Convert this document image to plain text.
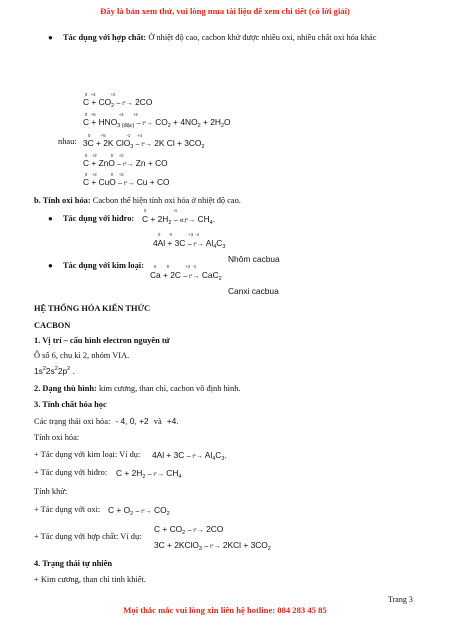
Đây là bản xem thử, vui lòng mua tài liệu để xem chi tiết (có lời giải)
Mọi thắc mắc vui lòng xin liên hệ hotline: 084 283 45 85
Trang 3
● Tác dụng với hợp chất: Ở nhiệt độ cao, cacbon khử được nhiều oxi, nhiều chất oxi hóa khác
0   +4             +2
$C + CO_2 - t^\circ\to 2CO$
0   +5                    +4        +4
$C + HNO_{3 (đặc)} - t^\circ\to CO_2 + 4NO_2 + 2H_2O$
nhau:
0         +5                  -1      +4
3C + 2K ClO$_3$ – t°→ 2K $Cl + 3CO_2$
0    +2            0     +2
C + ZnO – t°→ Zn + CO
0    +2            0     +2
C + CuO – t°→ Cu + CO
b. Tính oxi hóa: Cacbon thể hiện tính oxi hóa ở nhiệt độ cao.
● Tác dụng với hiđro:
0                       -4
$C + 2H_2 - xt,t^\circ\to CH_4$.
0        0              +3  -4
$4Al + 3C - t^\circ\to Al_4C_3$
Nhôm cacbua
● Tác dụng với kim loại: 0         0              +2  -1
Ca + 2C – t°→ CaC$_2$
Canxi cacbua
HỆ THỐNG HÓA KIẾN THỨC
CACBON
1. Vị trí – cấu hình electron nguyên tử
Ô số 6, chu kì 2, nhóm VIA.
$1s^22s^22p^2$ .
2. Dạng thù hình: kim cương, than chì, cacbon vô định hình.
3. Tính chất hóa học
Các trạng thái oxi hóa: - 4, 0, +2 và +4.
Tính oxi hóa:
+ Tác dụng với kim loại: Ví dụ: $4Al + 3C - t^\circ\to Al_4C_3$.
+ Tác dụng với hiđro: $C + 2H_2 - t^\circ\to CH_4$
Tính khử:
+ Tác dụng với oxi: $C + O_2 - t^\circ\to CO_2$
+ Tác dụng với hợp chất: Ví dụ:
$C + CO_2 - t^\circ\to 2CO$
3C + 2KClO$_3$ – $t^\circ\to 2KCl + 3CO_2$
4. Trạng thái tự nhiên
+ Kim cương, than chì tinh khiết.
